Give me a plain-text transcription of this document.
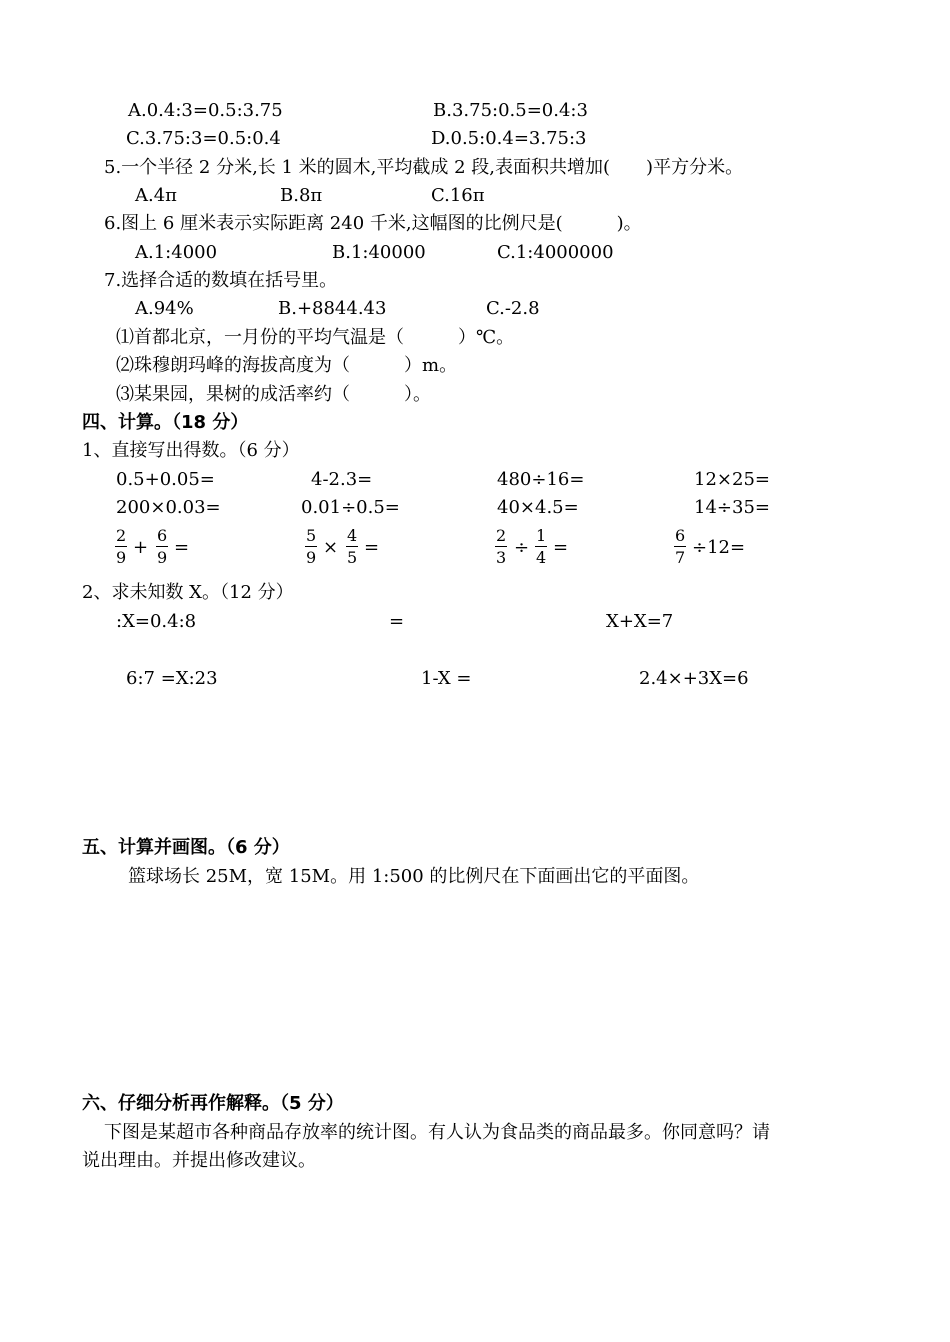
A.0.4:3=0.5:3.75	B.3.75:0.5=0.4:3
C.3.75:3=0.5:0.4	D.0.5:0.4=3.75:3
5.一个半径 2 分米,长 1 米的圆木,平均截成 2 段,表面积共增加(　　)平方分米。
A.4π	B.8π	C.16π
6.图上 6 厘米表示实际距离 240 千米,这幅图的比例尺是(　　　)。
A.1:4000	B.1:40000	C.1:4000000
7.选择合适的数填在括号里。
A.94%	B.+8844.43	C.-2.8
⑴首都北京，一月份的平均气温是（　　　）℃。
⑵珠穆朗玛峰的海拔高度为（　　　）m。
⑶某果园，果树的成活率约（　　　）。
四、计算。（18 分）
1、直接写出得数。（6 分）
0.5+0.05=	4-2.3=	480÷16=	12×25=
200×0.03=	0.01÷0.5=	40×4.5=	14÷35=
$\frac{2}{9} + \frac{6}{9}$ =	$\frac{5}{9} \times \frac{4}{5}$ =	$\frac{2}{3} \div \frac{1}{4}$ =	$\frac{6}{7} \div 12=$
2、求未知数 X。（12 分）
:X=0.4:8	=	X+X=7
6:7 =X:23	1-X =	2.4×+3X=6
五、计算并画图。（6 分）
篮球场长 25M，宽 15M。用 1:500 的比例尺在下面画出它的平面图。
六、仔细分析再作解释。（5 分）
下图是某超市各种商品存放率的统计图。有人认为食品类的商品最多。你同意吗？请
说出理由。并提出修改建议。
